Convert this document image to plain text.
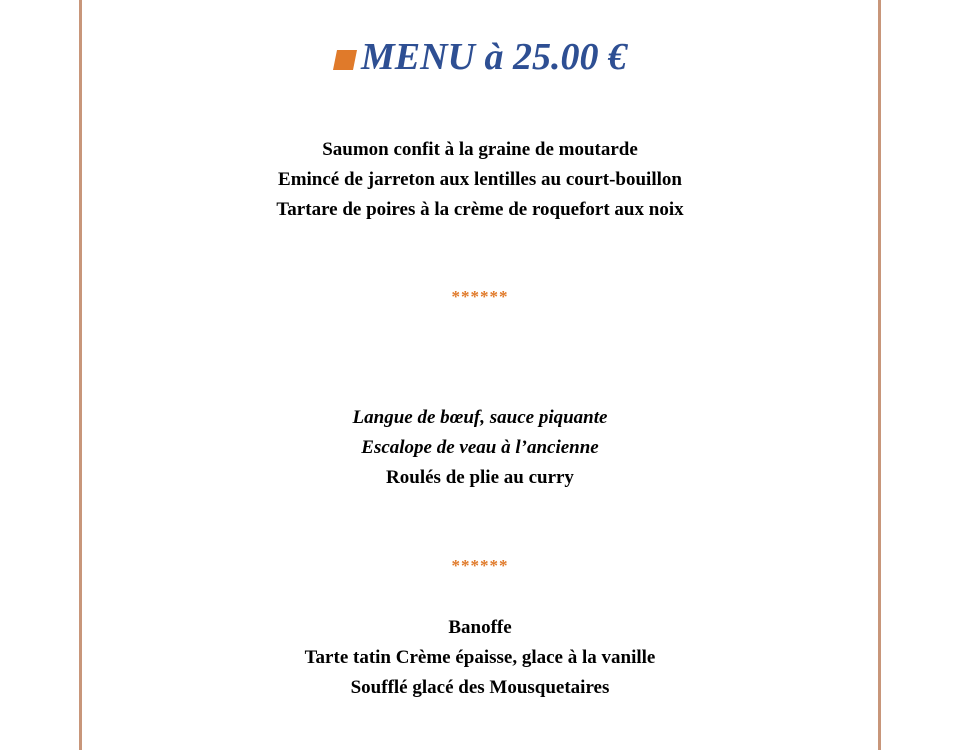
MENU à 25.00 €
Saumon confit à la graine de moutarde
Emincé de jarreton aux lentilles au court-bouillon
Tartare de poires à la crème de roquefort aux noix
******
Langue de bœuf, sauce piquante
Escalope de veau à l’ancienne
Roulés de plie au curry
******
Banoffe
Tarte tatin Crème épaisse, glace à la vanille
Soufflé glacé des Mousquetaires
